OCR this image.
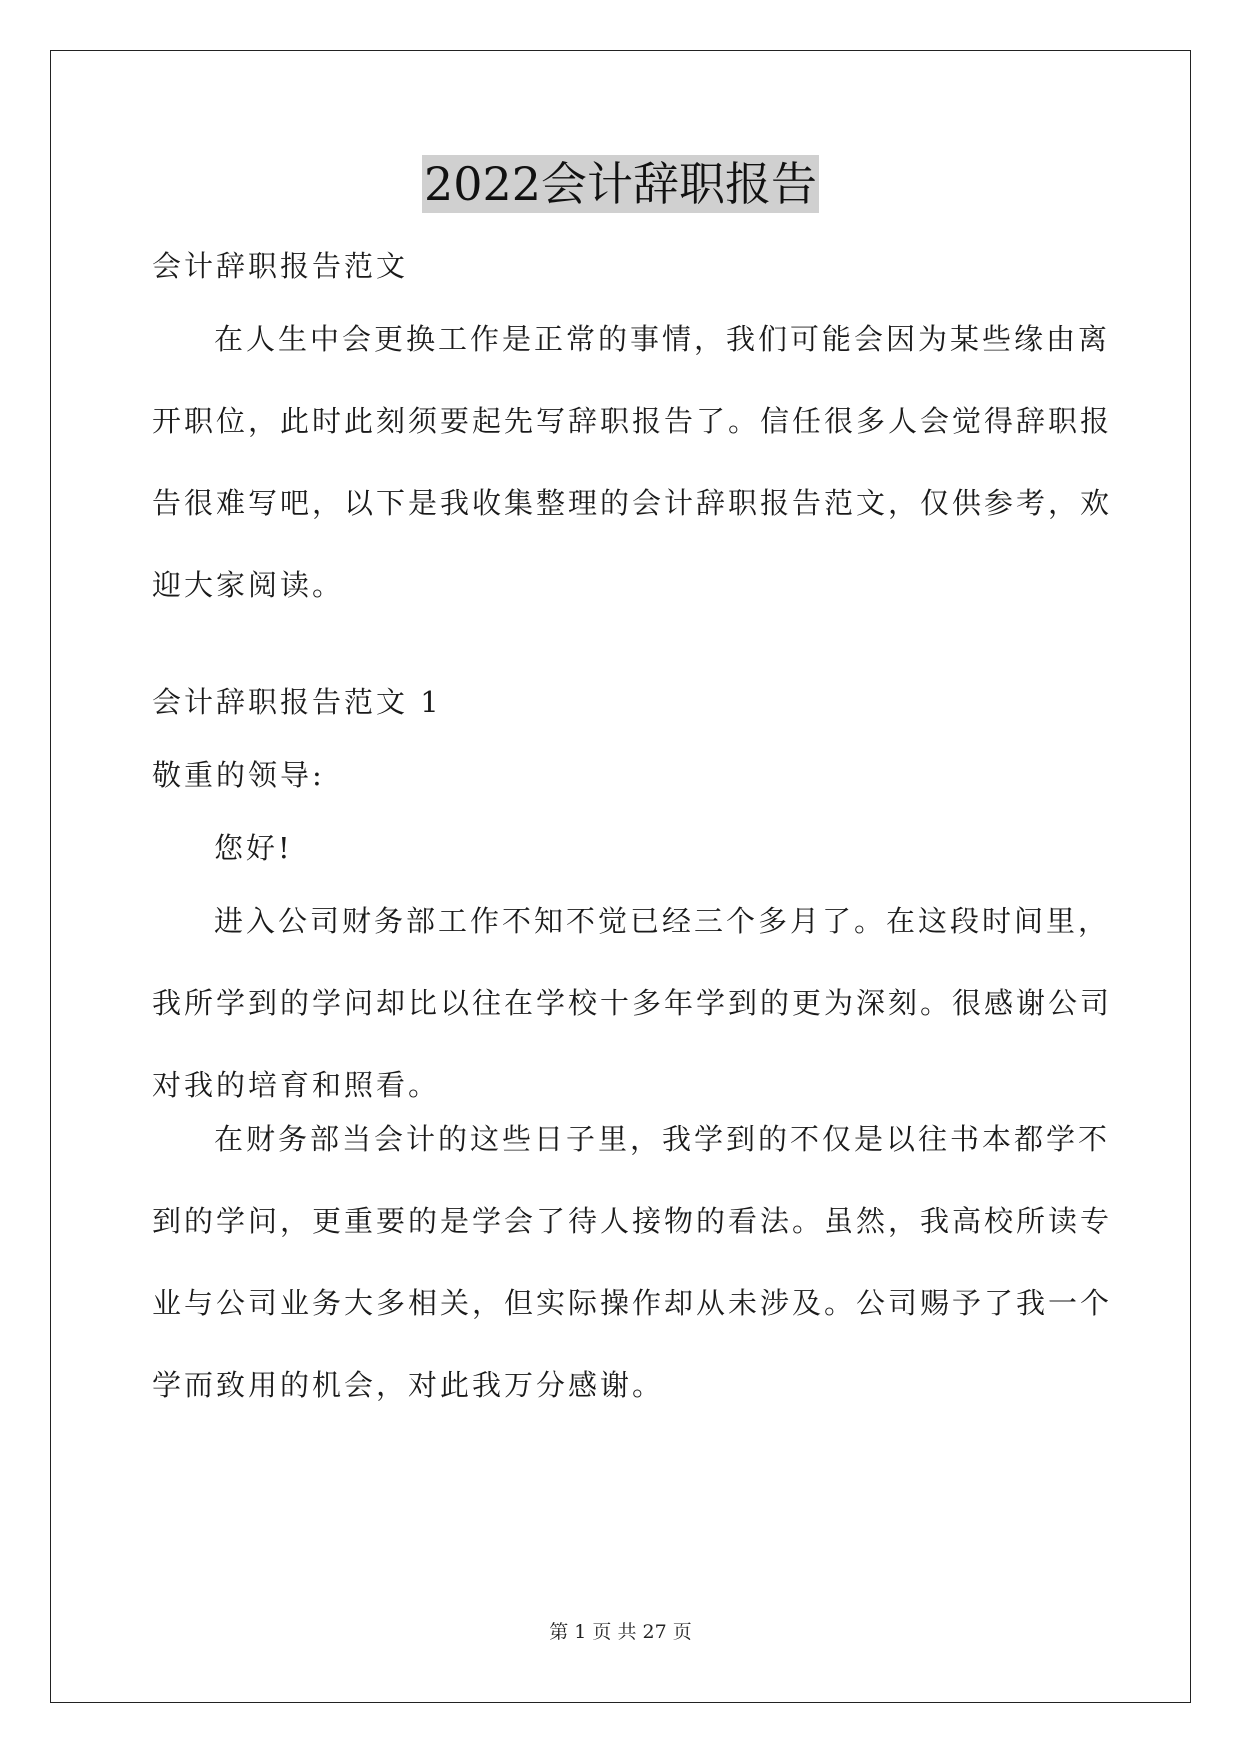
2022会计辞职报告
会计辞职报告范文
在人生中会更换工作是正常的事情，我们可能会因为某些缘由离
开职位，此时此刻须要起先写辞职报告了。信任很多人会觉得辞职报
告很难写吧，以下是我收集整理的会计辞职报告范文，仅供参考，欢
迎大家阅读。
会计辞职报告范文 1
敬重的领导:
您好!
进入公司财务部工作不知不觉已经三个多月了。在这段时间里，
我所学到的学问却比以往在学校十多年学到的更为深刻。很感谢公司
对我的培育和照看。
在财务部当会计的这些日子里，我学到的不仅是以往书本都学不
到的学问，更重要的是学会了待人接物的看法。虽然，我高校所读专
业与公司业务大多相关，但实际操作却从未涉及。公司赐予了我一个
学而致用的机会，对此我万分感谢。
第 1 页 共 27 页
